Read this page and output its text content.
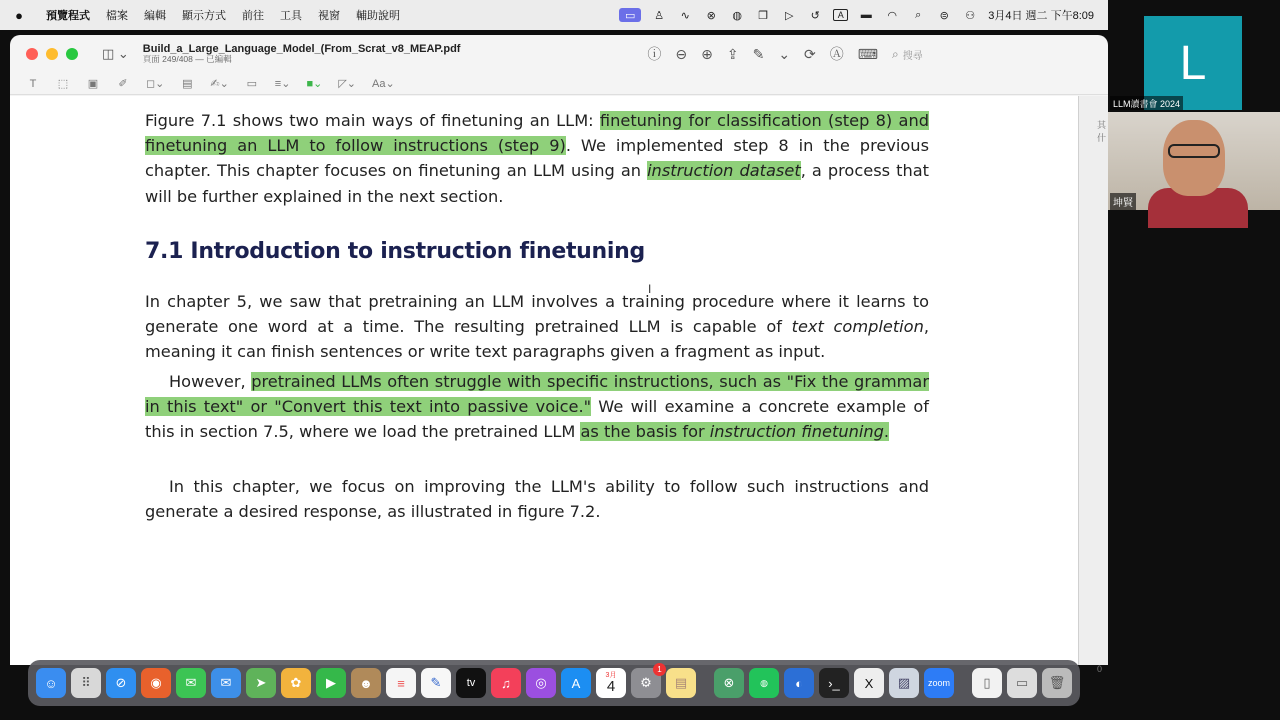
●	預覽程式	檔案	編輯	顯示方式	前往	工具	視窗	輔助說明	▭	♙	∿	⊗	◍ ❐	▷	↺	A	▬ ◠	⌕	⊜	⚇ 3月4日 週二 下午8:09
◫ ⌄ Build_a_Large_Language_Model_(From_Scrat_v8_MEAP.pdf
頁面 249/408 — 已編輯	ⓘ ⊖ ⊕ ⇪ ✎ ⌄ ⟳ Ⓐ ⌨ ⌕ 搜尋
T	⬚ ▣ ✐ ◻⌄ ▤ ✍⌄ ▭ ≡⌄ ■⌄ ◸⌄ Aa⌄
Figure 7.1 shows two main ways of finetuning an LLM: finetuning for classification (step 8) and finetuning an LLM to follow instructions (step 9). We implemented step 8 in the previous chapter. This chapter focuses on finetuning an LLM using an instruction dataset, a process that will be further explained in the next section.
7.1 Introduction to instruction finetuning
I
In chapter 5, we saw that pretraining an LLM involves a training procedure where it learns to generate one word at a time. The resulting pretrained LLM is capable of text completion, meaning it can finish sentences or write text paragraphs given a fragment as input.
However, pretrained LLMs often struggle with specific instructions, such as "Fix the grammar in this text" or "Convert this text into passive voice." We will examine a concrete example of this in section 7.5, where we load the pretrained LLM as the basis for instruction finetuning.
In this chapter, we focus on improving the LLM's ability to follow such instructions and generate a desired response, as illustrated in figure 7.2.
其什
0
L
LLM讀書會 2024
坤賢
☺	⠿	⊘	◉	✉	✉	➤	✿	▶	☻	≡	✎	tv	♫	◎	A	3月
4	⚙
1
▤	⊗	◍	◐	›_	X	▨	zoom	▯	▭	🗑
